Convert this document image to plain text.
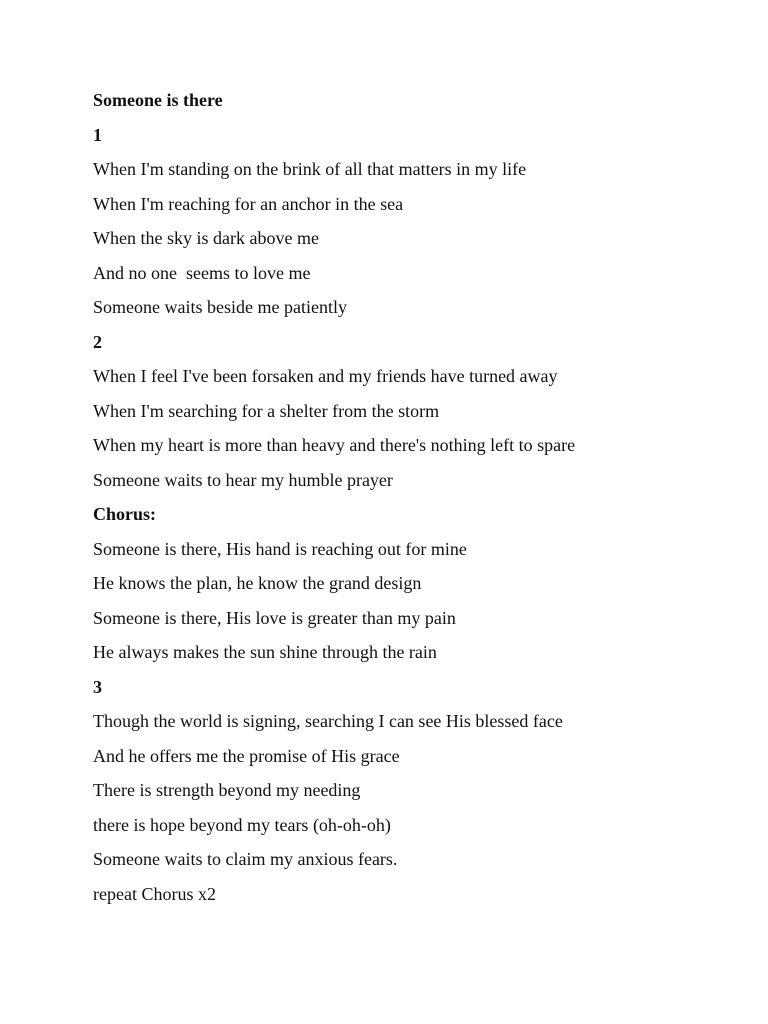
Someone is there
1
When I'm standing on the brink of all that matters in my life
When I'm reaching for an anchor in the sea
When the sky is dark above me
And no one  seems to love me
Someone waits beside me patiently
2
When I feel I've been forsaken and my friends have turned away
When I'm searching for a shelter from the storm
When my heart is more than heavy and there's nothing left to spare
Someone waits to hear my humble prayer
Chorus:
Someone is there, His hand is reaching out for mine
He knows the plan, he know the grand design
Someone is there, His love is greater than my pain
He always makes the sun shine through the rain
3
Though the world is signing, searching I can see His blessed face
And he offers me the promise of His grace
There is strength beyond my needing
there is hope beyond my tears (oh-oh-oh)
Someone waits to claim my anxious fears.
repeat Chorus x2
